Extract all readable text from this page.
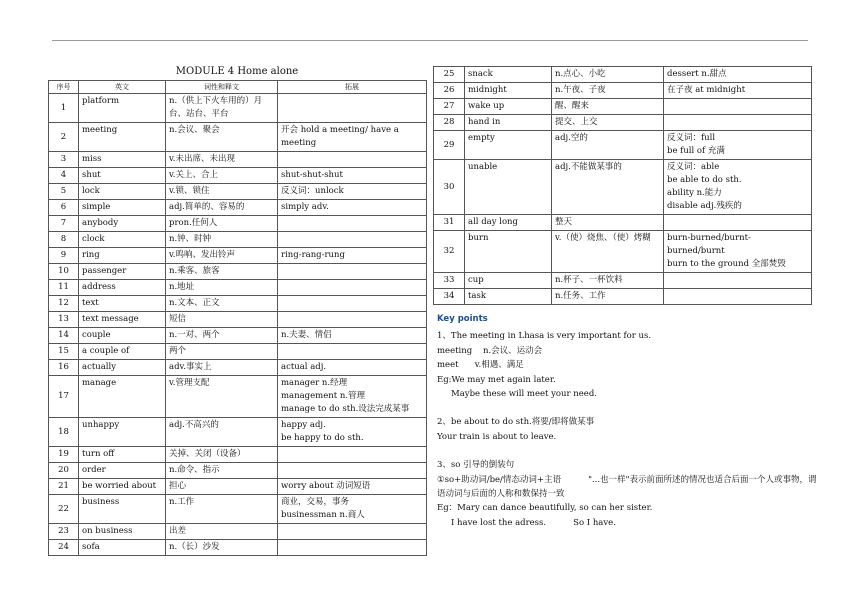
MODULE 4 Home alone
序号	英文	词性和释文	拓展
1	platform	n.（供上下火车用的）月台、站台、平台	
2	meeting	n.会议、聚会	开会 hold a meeting/ have a meeting
3	miss	v.未出席、未出现	
4	shut	v.关上、合上	shut-shut-shut
5	lock	v.锁、锁住	反义词：unlock
6	simple	adj.简单的、容易的	simply adv.
7	anybody	pron.任何人	
8	clock	n.钟、时钟	
9	ring	v.鸣响、发出铃声	ring-rang-rung
10	passenger	n.乘客、旅客	
11	address	n.地址	
12	text	n.文本、正文	
13	text message	短信	
14	couple	n.一对、两个	n.夫妻、情侣
15	a couple of	两个	
16	actually	adv.事实上	actual adj.
17	manage	v.管理支配	manager n.经理
management n.管理
manage to do sth.设法完成某事
18	unhappy	adj.不高兴的	happy adj.
be happy to do sth.
19	turn off	关掉、关闭（设备）	
20	order	n.命令、指示	
21	be worried about	担心	worry about 动词短语
22	business	n.工作	商业，交易，事务
businessman n.商人
23	on business	出差	
24	sofa	n.（长）沙发	
25	snack	n.点心、小吃	dessert n.甜点
26	midnight	n.午夜、子夜	在子夜 at midnight
27	wake up	醒、醒来	
28	hand in	提交、上交	
29	empty	adj.空的	反义词：full
be full of 充满
30	unable	adj.不能做某事的	反义词：able
be able to do sth.
ability n.能力
disable adj.残疾的
31	all day long	整天	
32	burn	v.（使）烧焦、（使）烤糊	burn-burned/burnt-burned/burnt
burn to the ground 全部焚毁
33	cup	n.杯子、一杯饮料	
34	task	n.任务、工作	
Key points
1、The meeting in Lhasa is very important for us.
meeting    n.会议、运动会
meet      v.相遇、满足
Eg:We may met again later.
Maybe these will meet your need.
2、be about to do sth.将要/即将做某事
Your train is about to leave.
3、so 引导的倒装句
①so+助动词/be/情态动词+主语          "...也一样"表示前面所述的情况也适合后面一个人或事物，谓语动词与后面的人称和数保持一致
Eg：Mary can dance beautifully, so can her sister.
I have lost the adress.          So I have.
